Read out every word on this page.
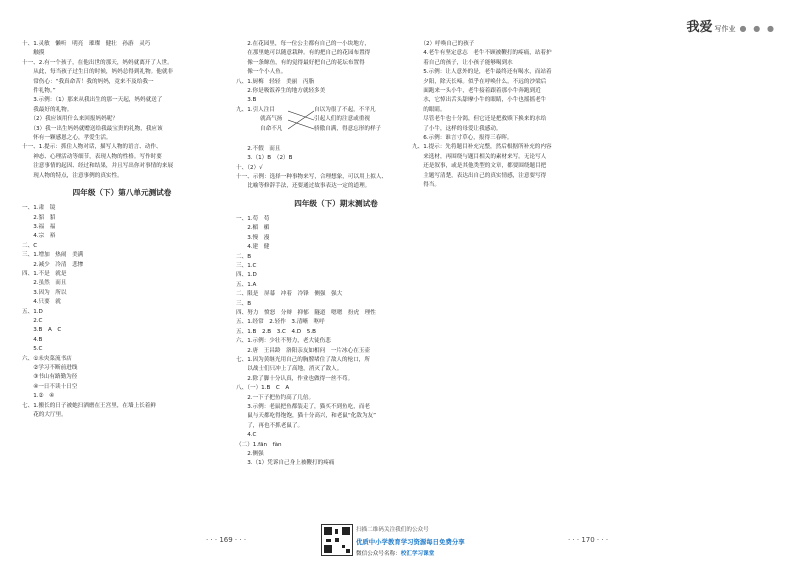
我爱 写作业 ● ● ●
十、1.灵敏　懒听　明亮　璀璨　健壮　孙游　灵巧
　　触摸
十一、2.有一个孩子，在他出世的那天，妈妈就离开了人世。
　　从此，每当孩子过生日的时候，妈妈总得到礼物。他就非
　　常伤心：“我真命苦！我的妈妈，竟来不及给我一
　　件礼物。”
　　3.示例：（1）那来从我出生的那一天起，妈妈就送了
　　我最好的礼物。
　　（2）我应该用什么来回报妈妈呢？
　　（3）我一出生妈妈就赠送给我最宝贵的礼物，我应该
　　怀有一颗感恩之心，孝爱生活。
十一、1.提示：抓住人物对话，描写人物的语言、动作、
　　神态、心理活动等细节，表现人物的性格。写作时要
　　注意事情的起因、经过和结果，并且写出你对事情的来展
　　现人物的特点，注意事例的真实性。
四年级（下）第八单元测试卷
一、1.肃　镜
　　2.貂　貂
　　3.福　福
　　4.宗　裕
二、C
三、1.增加　热闹　美满
　　2.减少　冷清　悲惨
四、1.不是　就是
　　2.虽然　而且
　　3.因为　所以
　　4.只要　就
五、1.D
　　2.C
　　3.B　A　C
　　4.B
　　5.C
六、①未央菜流书店
　　②学习不断前进线
　　③书山有路勤为径
　　④一日不读十日空
　　1.②　④
七、1.搬长的日子被她扫洒磨在王宫里，在墙上长着鲜
　　花的大厅里。
　　2.在花园里，每一位公主都有自己的一小块地方，
　　在那里她可以随意栽种。有的把自己的花园布置得
　　像一条鲸鱼，有的觉得最好把自己的花坛布置得
　　像一个小人鱼。
八、1.厨梅　轻轻　美丽　丙脂
　　2.你是吸饭养生的地方就轻多美
　　3.B
九、1.引人注目
就高气扬
自命不凡
自以为很了不起，不平凡
引起人们的注意或重视
骄傲自满，得意忘形的样子
　　2.不假　而且
　　3.（1）B　（2）B
十、（2）√
十一、示例：选择一种事物来写，合理想象，可以用上拟人、
　　比喻等修辞手法，还要通过故事表达一定的道理。
四年级（下）期末测试卷
一、1.苟　苟
　　2.楣　楣
　　3.慢　漫
　　4.建　健
二、B
三、1.C
四、1.D
五、1.A
二、限是　屏幕　冲着　冷锋　侧强　强大
三、B
四、努力　愤怒　分辩　抑郁　隧道　嗯嗯　扮虎　理性
五、1.经常　2.轻作　3.清晰　呕呼
五、1.B　2.B　3.C　4.D　5.B
六、1.示例：少壮不努力，老大徒伤悲
　　2.唐　王昌龄　洛阳亲友如相问　一片冰心在玉壶
七、1.因为黄继光用自己的胸膛堵住了敌人的枪口，所
　　以战士们只冲上了高地，消灭了敌人。
　　2.除了脚十分认真，作业也做得一丝不苟。
八、（一）1.B　C　A
　　2.一下子把鱼钓高了几倍。
　　3.示例：老鼠把鱼都装走了，猫买不到鱼吃，而老
　　鼠与天都吃得饱饱，猫十分高兴，和老鼠“化敌为友”
　　了，再也不抓老鼠了。
　　4.C
（二）1.fān　fàn
　　2.侧强
　　3.（1）凭诉自己身上被鞭打的疼痛
　　（2）呼唤自己的孩子
　　4.老牛有坚定意志　老牛不顾被鞭打的疼痛，站着护
　　着自己的孩子，让小孩子能够喝到水
　　5.示例：让人意外的是，老牛最终还有喝水，而站着
　　夕阳，除天长啼。似乎在呼唤什么。不远的沙梁后
　　面跑来一头小牛，老牛接着跟着那小牛奔跑到近
　　水，它悼出舌头舔摩小牛的眼睛，小牛也摇摇老牛
　　的眼睛。
　　尽管老牛也十分渴，但它还是把救赎下换来的水给
　　了小牛，这样的母爱让我感动。
　　6.示例：谁言寸草心，报得三春晖。
九、1.提示：先将题目补充完整，然后根据所补充的内容
　　来选材，再围绕与题目相关的素材来写。无论写人
　　还是叙事，或是其他类型的文章，都要围绕题目把
　　主题写清楚，表达出自己的真实情感，注意要写得
　　得当。
· · · 169 · · ·	· · · 170 · · ·
扫描二维码关注我们的公众号
优质中小学教育学习资源每日免费分享
微信公众号名称：校汇学习课堂
